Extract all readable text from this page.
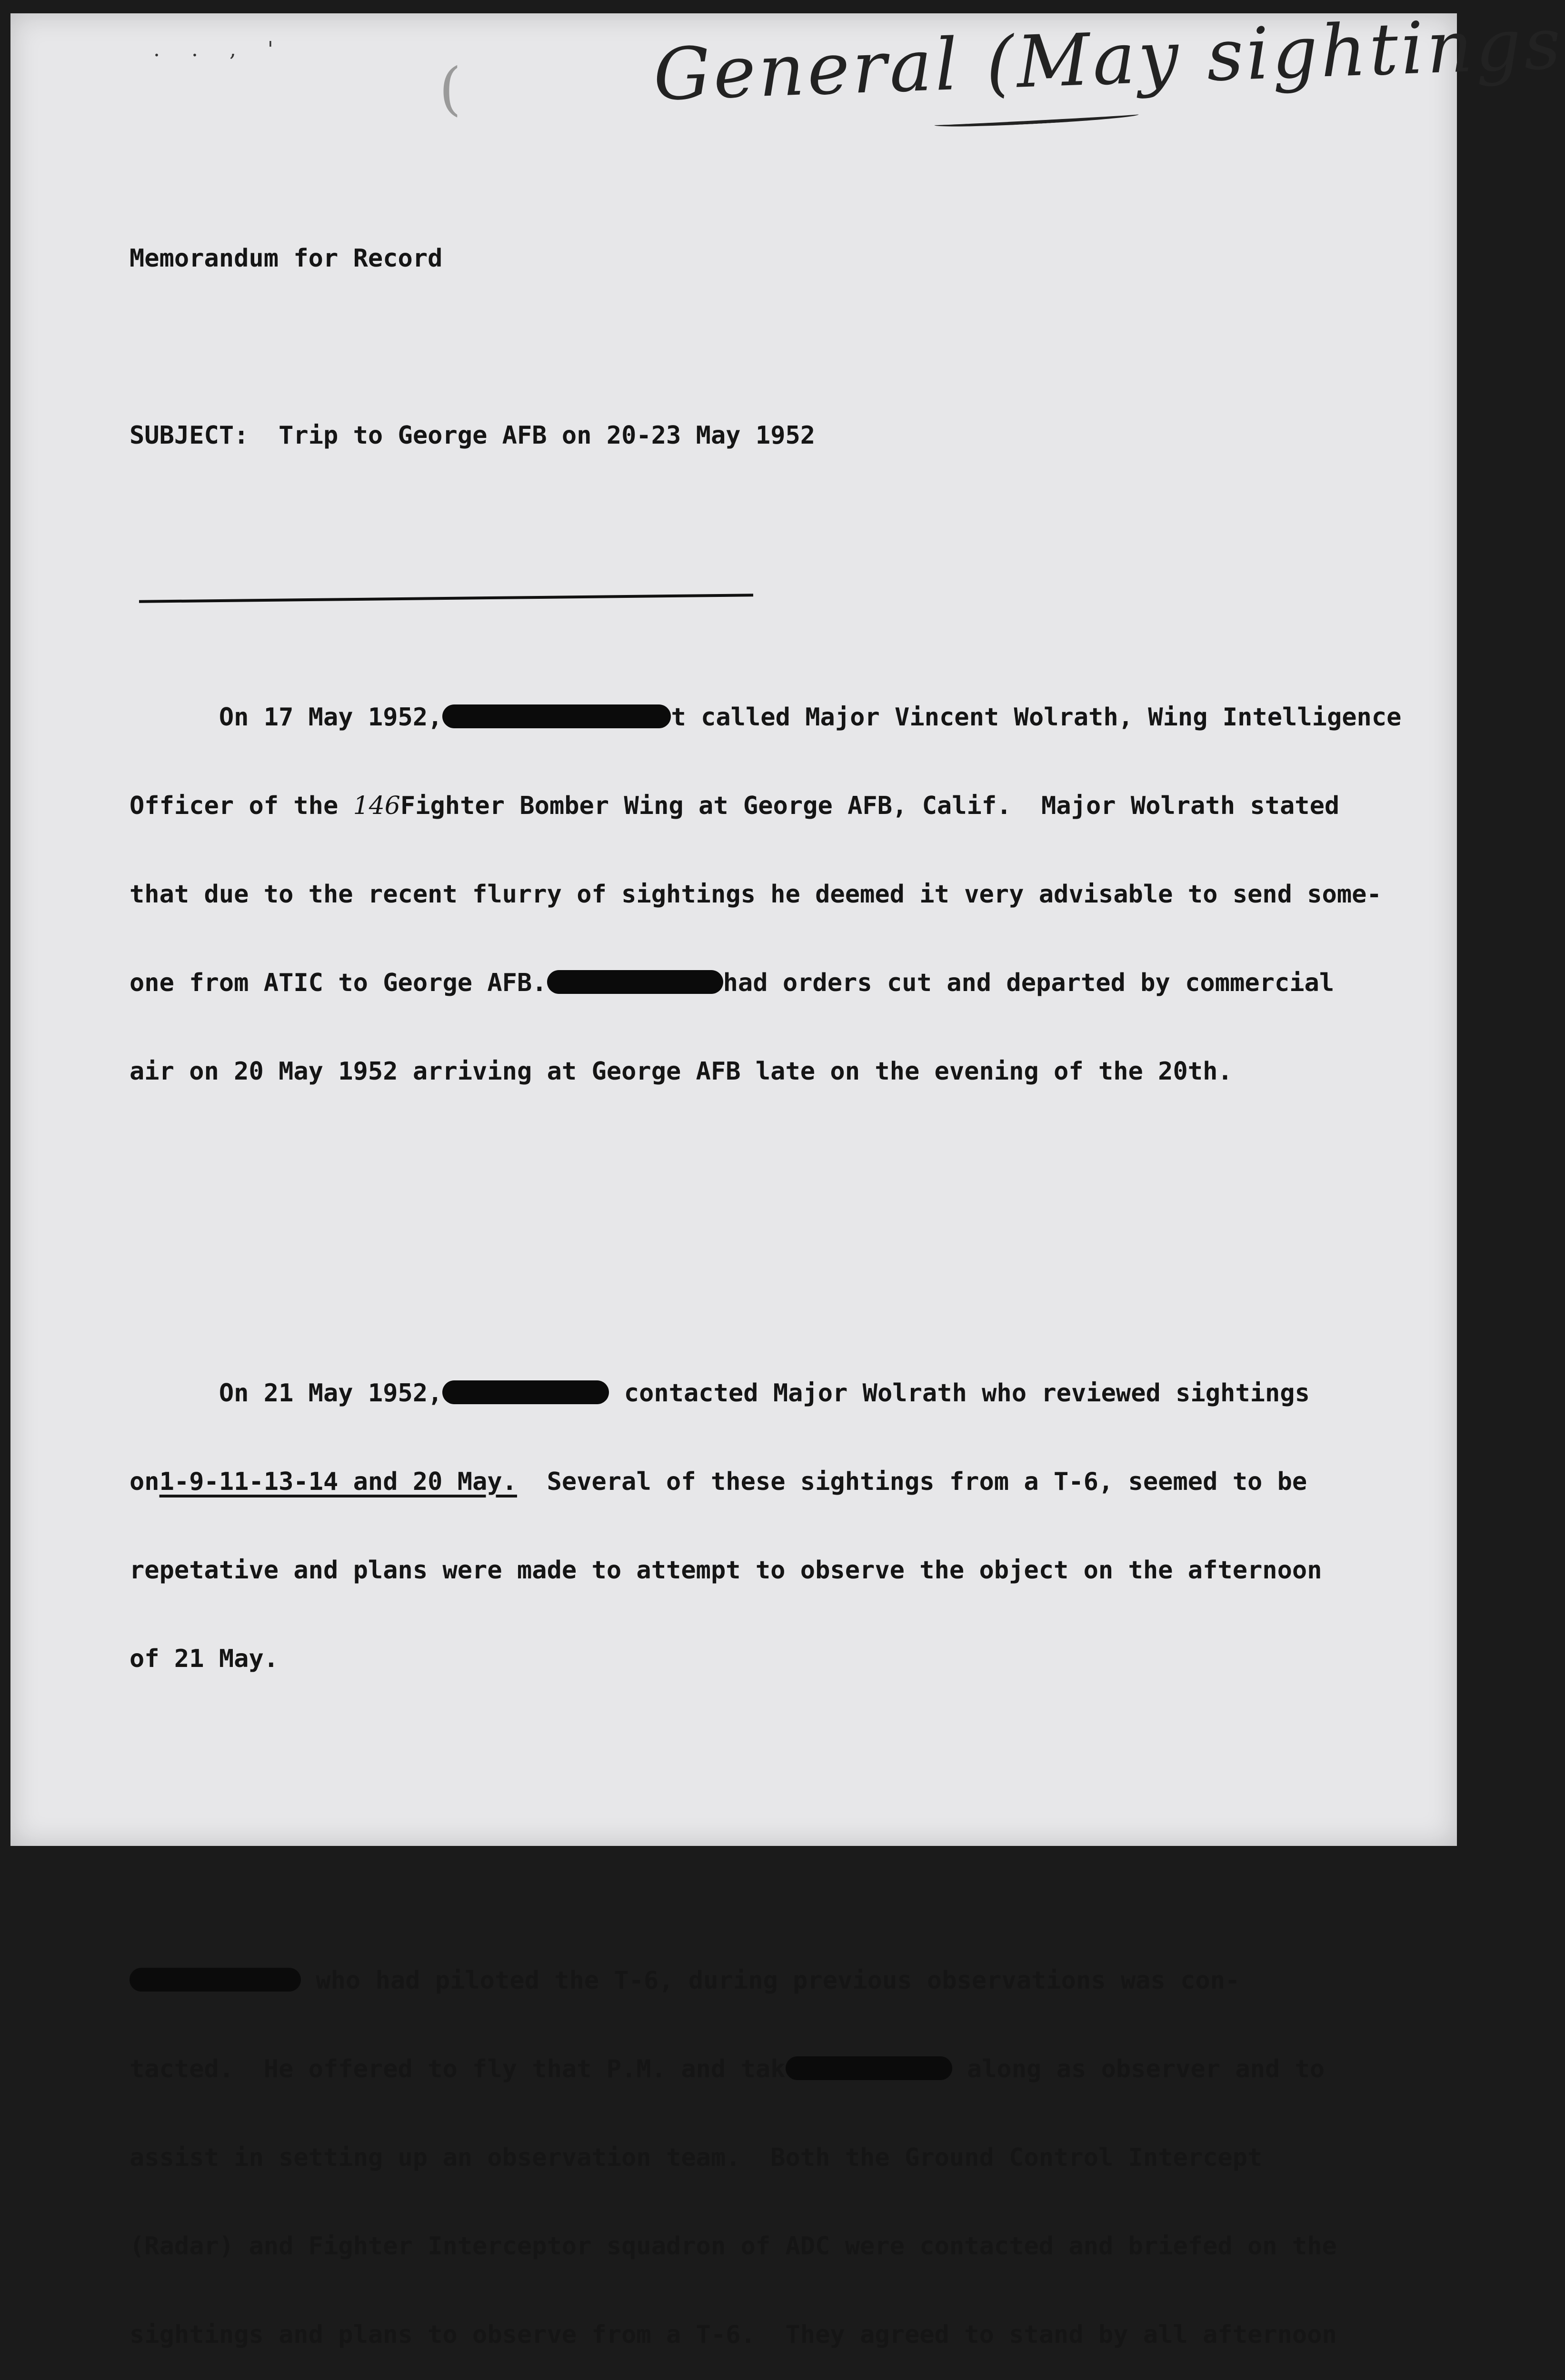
. . , '
(	General (May sightings

Memorandum for Record

SUBJECT: Trip to George AFB on 20-23 May 1952

On 17 May 1952,	t called Major Vincent Wolrath, Wing Intelligence

Officer of the 146Fighter Bomber Wing at George AFB, Calif.  Major Wolrath stated

that due to the recent flurry of sightings he deemed it very advisable to send some-

one from ATIC to George AFB.	had orders cut and departed by commercial

air on 20 May 1952 arriving at George AFB late on the evening of the 20th.

On 21 May 1952,	contacted Major Wolrath who reviewed sightings

on1-9-11-13-14 and 20 May.  Several of these sightings from a T-6, seemed to be

repetative and plans were made to attempt to observe the object on the afternoon

of 21 May.

who had piloted the T-6, during previous observations was con-

tacted.  He offered to fly that P.M. and tak	along as observer and to

assist in setting up an observation team.  Both the Ground Control Intercept

(Radar) and Fighter Interceptor squadron of ADC were contacted and briefed on the

sightings and plans to observe from a T-6.  They agreed to stand by all afternoon
